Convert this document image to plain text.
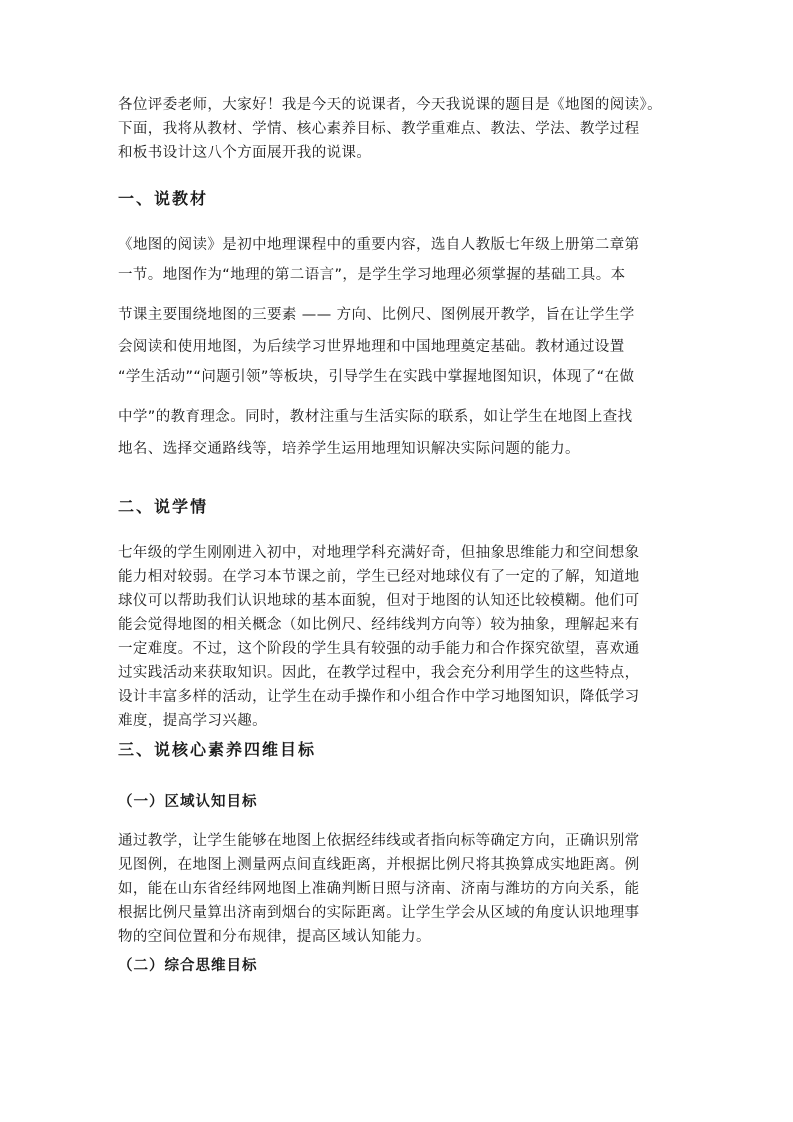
各位评委老师，大家好！我是今天的说课者，今天我说课的题目是《地图的阅读》。
下面，我将从教材、学情、核心素养目标、教学重难点、教法、学法、教学过程
和板书设计这八个方面展开我的说课。
一、说教材
《地图的阅读》是初中地理课程中的重要内容，选自人教版七年级上册第二章第
一节。地图作为“地理的第二语言”，是学生学习地理必须掌握的基础工具。本
节课主要围绕地图的三要素 —— 方向、比例尺、图例展开教学，旨在让学生学
会阅读和使用地图，为后续学习世界地理和中国地理奠定基础。教材通过设置
“学生活动”“问题引领”等板块，引导学生在实践中掌握地图知识，体现了“在做
中学”的教育理念。同时，教材注重与生活实际的联系，如让学生在地图上查找
地名、选择交通路线等，培养学生运用地理知识解决实际问题的能力。
二、说学情
七年级的学生刚刚进入初中，对地理学科充满好奇，但抽象思维能力和空间想象
能力相对较弱。在学习本节课之前，学生已经对地球仪有了一定的了解，知道地
球仪可以帮助我们认识地球的基本面貌，但对于地图的认知还比较模糊。他们可
能会觉得地图的相关概念（如比例尺、经纬线判方向等）较为抽象，理解起来有
一定难度。不过，这个阶段的学生具有较强的动手能力和合作探究欲望，喜欢通
过实践活动来获取知识。因此，在教学过程中，我会充分利用学生的这些特点，
设计丰富多样的活动，让学生在动手操作和小组合作中学习地图知识，降低学习
难度，提高学习兴趣。
三、说核心素养四维目标
（一）区域认知目标
通过教学，让学生能够在地图上依据经纬线或者指向标等确定方向，正确识别常
见图例，在地图上测量两点间直线距离，并根据比例尺将其换算成实地距离。例
如，能在山东省经纬网地图上准确判断日照与济南、济南与潍坊的方向关系，能
根据比例尺量算出济南到烟台的实际距离。让学生学会从区域的角度认识地理事
物的空间位置和分布规律，提高区域认知能力。
（二）综合思维目标
